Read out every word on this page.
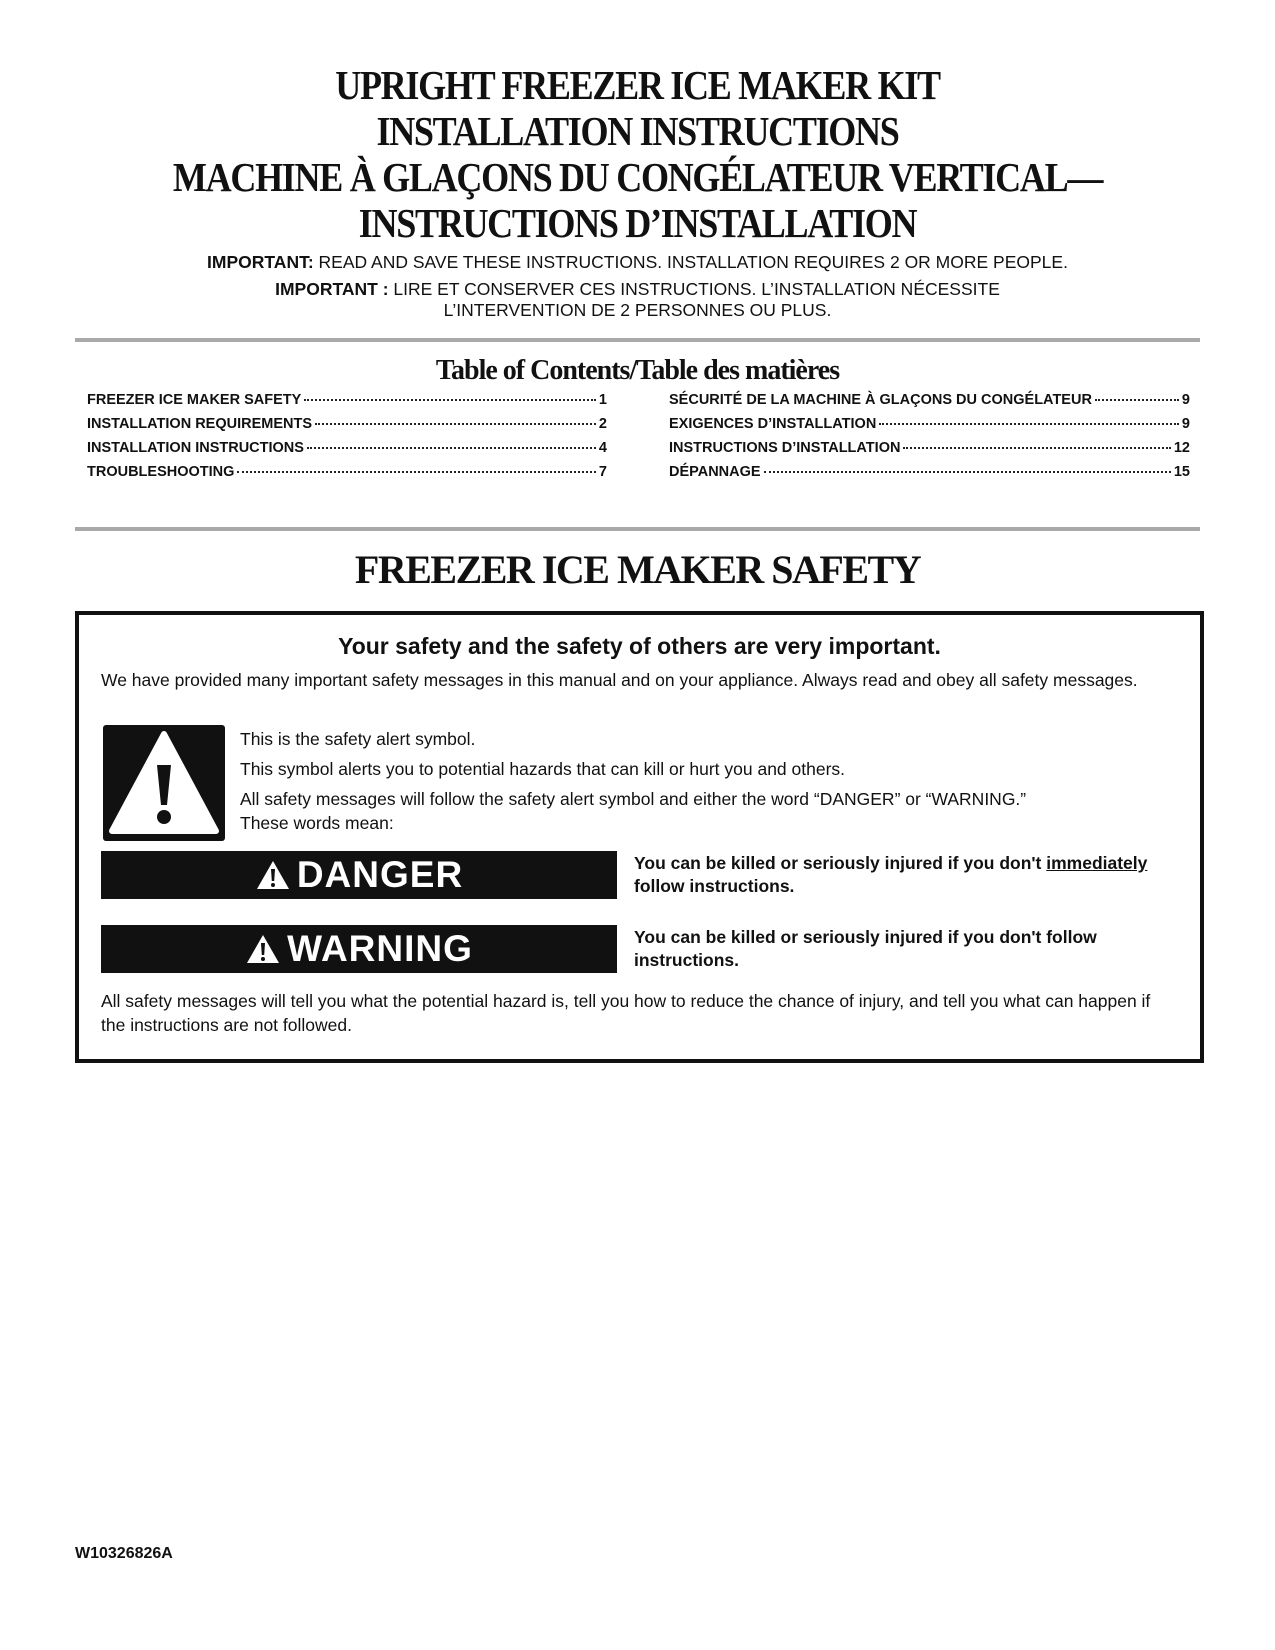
UPRIGHT FREEZER ICE MAKER KIT
INSTALLATION INSTRUCTIONS
MACHINE À GLAÇONS DU CONGÉLATEUR VERTICAL—
INSTRUCTIONS D’INSTALLATION
IMPORTANT: READ AND SAVE THESE INSTRUCTIONS. INSTALLATION REQUIRES 2 OR MORE PEOPLE.
IMPORTANT : LIRE ET CONSERVER CES INSTRUCTIONS. L’INSTALLATION NÉCESSITE
L’INTERVENTION DE 2 PERSONNES OU PLUS.
Table of Contents/Table des matières
FREEZER ICE MAKER SAFETY	1
INSTALLATION REQUIREMENTS	2
INSTALLATION INSTRUCTIONS	4
TROUBLESHOOTING	7
SÉCURITÉ DE LA MACHINE À GLAÇONS DU CONGÉLATEUR	9
EXIGENCES D’INSTALLATION	9
INSTRUCTIONS D’INSTALLATION	12
DÉPANNAGE	15
FREEZER ICE MAKER SAFETY
Your safety and the safety of others are very important.
We have provided many important safety messages in this manual and on your appliance. Always read and obey all safety messages.

This is the safety alert symbol.

This symbol alerts you to potential hazards that can kill or hurt you and others.

All safety messages will follow the safety alert symbol and either the word “DANGER” or “WARNING.”

These words mean:

DANGER	You can be killed or seriously injured if you don't immediately follow instructions.
WARNING	You can be killed or seriously injured if you don't follow instructions.
All safety messages will tell you what the potential hazard is, tell you how to reduce the chance of injury, and tell you what can happen if the instructions are not followed.
W10326826A
